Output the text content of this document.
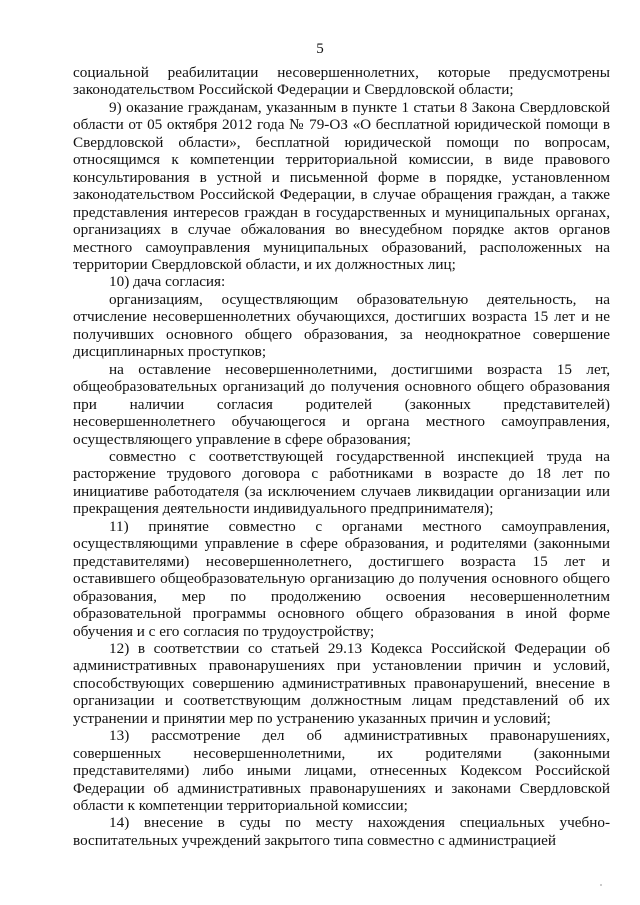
5

социальной реабилитации несовершеннолетних, которые предусмотрены законодательством Российской Федерации и Свердловской области;

9) оказание гражданам, указанным в пункте 1 статьи 8 Закона Свердловской области от 05 октября 2012 года № 79-ОЗ «О бесплатной юридической помощи в Свердловской области», бесплатной юридической помощи по вопросам, относящимся к компетенции территориальной комиссии, в виде правового консультирования в устной и письменной форме в порядке, установленном законодательством Российской Федерации, в случае обращения граждан, а также представления интересов граждан в государственных и муниципальных органах, организациях в случае обжалования во внесудебном порядке актов органов местного самоуправления муниципальных образований, расположенных на территории Свердловской области, и их должностных лиц;

10) дача согласия:

организациям, осуществляющим образовательную деятельность, на отчисление несовершеннолетних обучающихся, достигших возраста 15 лет и не получивших основного общего образования, за неоднократное совершение дисциплинарных проступков;

на оставление несовершеннолетними, достигшими возраста 15 лет, общеобразовательных организаций до получения основного общего образования при наличии согласия родителей (законных представителей) несовершеннолетнего обучающегося и органа местного самоуправления, осуществляющего управление в сфере образования;

совместно с соответствующей государственной инспекцией труда на расторжение трудового договора с работниками в возрасте до 18 лет по инициативе работодателя (за исключением случаев ликвидации организации или прекращения деятельности индивидуального предпринимателя);

11) принятие совместно с органами местного самоуправления, осуществляющими управление в сфере образования, и родителями (законными представителями) несовершеннолетнего, достигшего возраста 15 лет и оставившего общеобразовательную организацию до получения основного общего образования, мер по продолжению освоения несовершеннолетним образовательной программы основного общего образования в иной форме обучения и с его согласия по трудоустройству;

12) в соответствии со статьей 29.13 Кодекса Российской Федерации об административных правонарушениях при установлении причин и условий, способствующих совершению административных правонарушений, внесение в организации и соответствующим должностным лицам представлений об их устранении и принятии мер по устранению указанных причин и условий;

13) рассмотрение дел об административных правонарушениях, совершенных несовершеннолетними, их родителями (законными представителями) либо иными лицами, отнесенных Кодексом Российской Федерации об административных правонарушениях и законами Свердловской области к компетенции территориальной комиссии;

14) внесение в суды по месту нахождения специальных учебно-воспитательных учреждений закрытого типа совместно с администрацией
